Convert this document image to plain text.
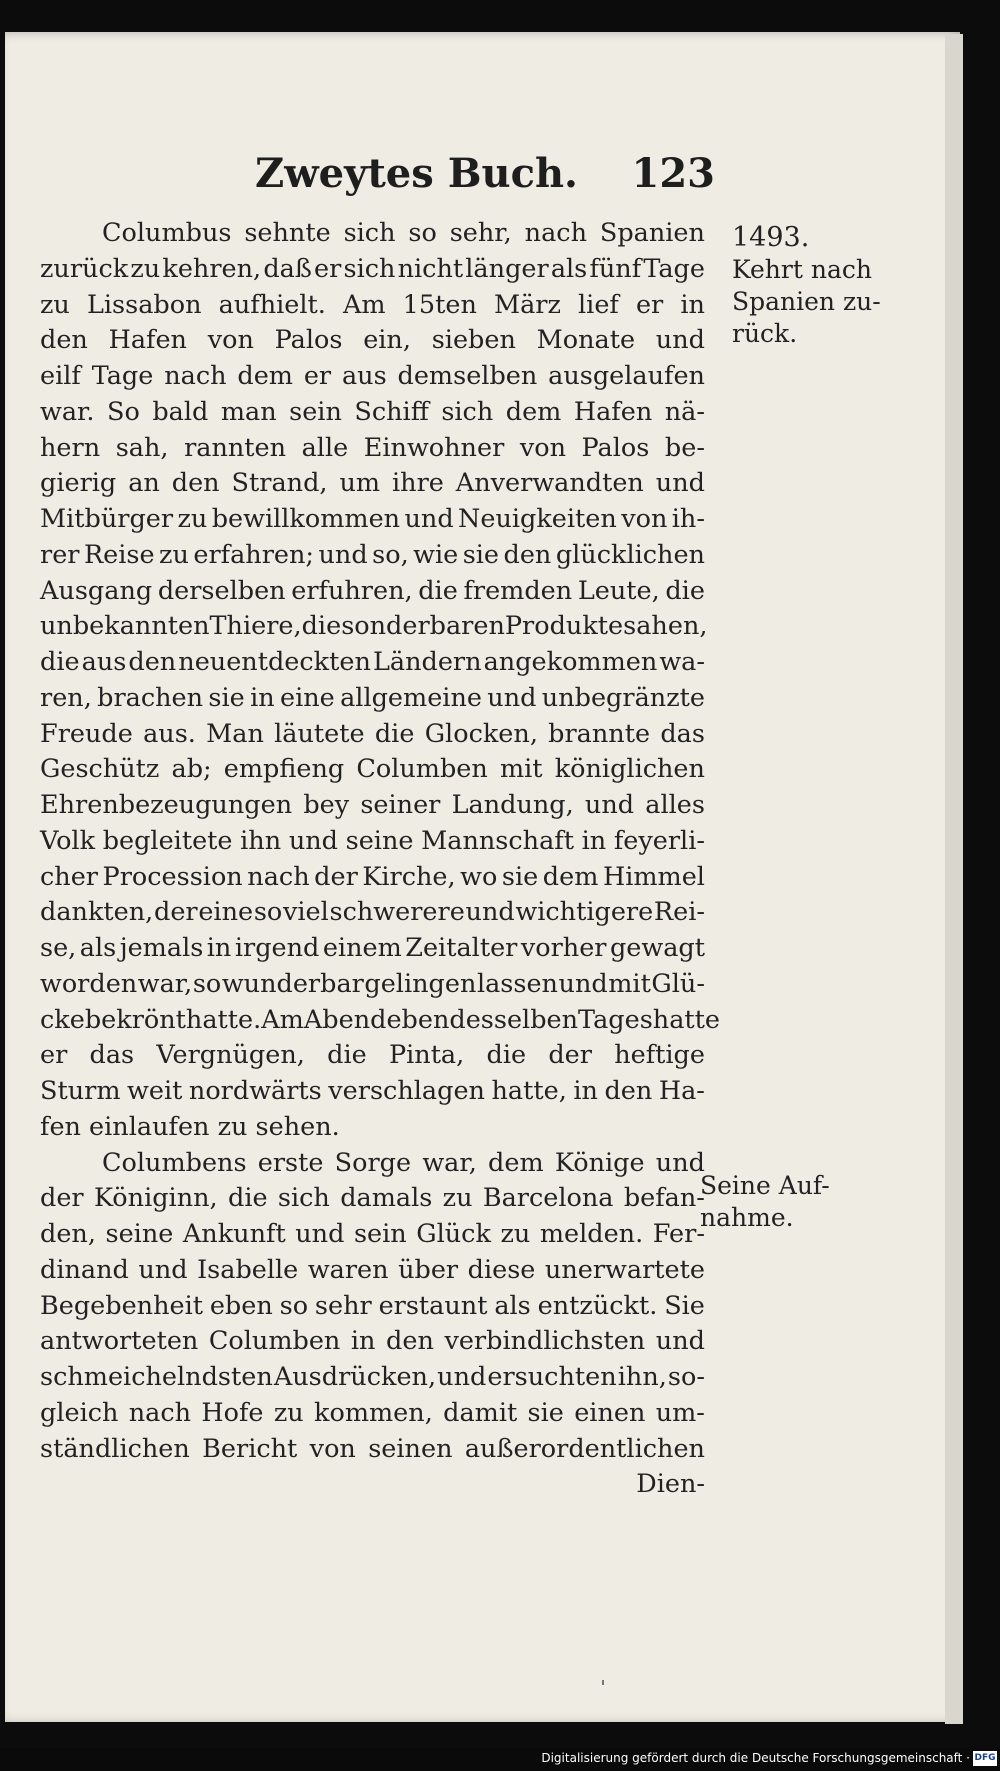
Zweytes Buch. 123
Columbus sehnte sich so sehr, nach Spanien
zurück zu kehren, daß er sich nicht länger als fünf Tage
zu Lissabon aufhielt. Am 15ten März lief er in
den Hafen von Palos ein, sieben Monate und
eilf Tage nach dem er aus demselben ausgelaufen
war. So bald man sein Schiff sich dem Hafen nä-
hern sah, rannten alle Einwohner von Palos be-
gierig an den Strand, um ihre Anverwandten und
Mitbürger zu bewillkommen und Neuigkeiten von ih-
rer Reise zu erfahren; und so, wie sie den glücklichen
Ausgang derselben erfuhren, die fremden Leute, die
unbekannten Thiere, die sonderbaren Produkte sahen,
die aus den neuentdeckten Ländern angekommen wa-
ren, brachen sie in eine allgemeine und unbegränzte
Freude aus. Man läutete die Glocken, brannte das
Geschütz ab; empfieng Columben mit königlichen
Ehrenbezeugungen bey seiner Landung, und alles
Volk begleitete ihn und seine Mannschaft in feyerli-
cher Procession nach der Kirche, wo sie dem Himmel
dankten, der eine so viel schwerere und wichtigere Rei-
se, als jemals in irgend einem Zeitalter vorher gewagt
worden war, so wunderbar gelingen lassen und mit Glü-
cke bekrönt hatte. Am Abend eben desselben Tages hatte
er das Vergnügen, die Pinta, die der heftige
Sturm weit nordwärts verschlagen hatte, in den Ha-
fen einlaufen zu sehen.
Columbens erste Sorge war, dem Könige und
der Königinn, die sich damals zu Barcelona befan-
den, seine Ankunft und sein Glück zu melden. Fer-
dinand und Isabelle waren über diese unerwartete
Begebenheit eben so sehr erstaunt als entzückt. Sie
antworteten Columben in den verbindlichsten und
schmeichelndsten Ausdrücken, und ersuchten ihn, so-
gleich nach Hofe zu kommen, damit sie einen um-
ständlichen Bericht von seinen außerordentlichen
Dien-
1493.
Kehrt nach
Spanien zu-
rück.
Seine Auf-
nahme.
Digitalisierung gefördert durch die Deutsche Forschungsgemeinschaft · DFG
